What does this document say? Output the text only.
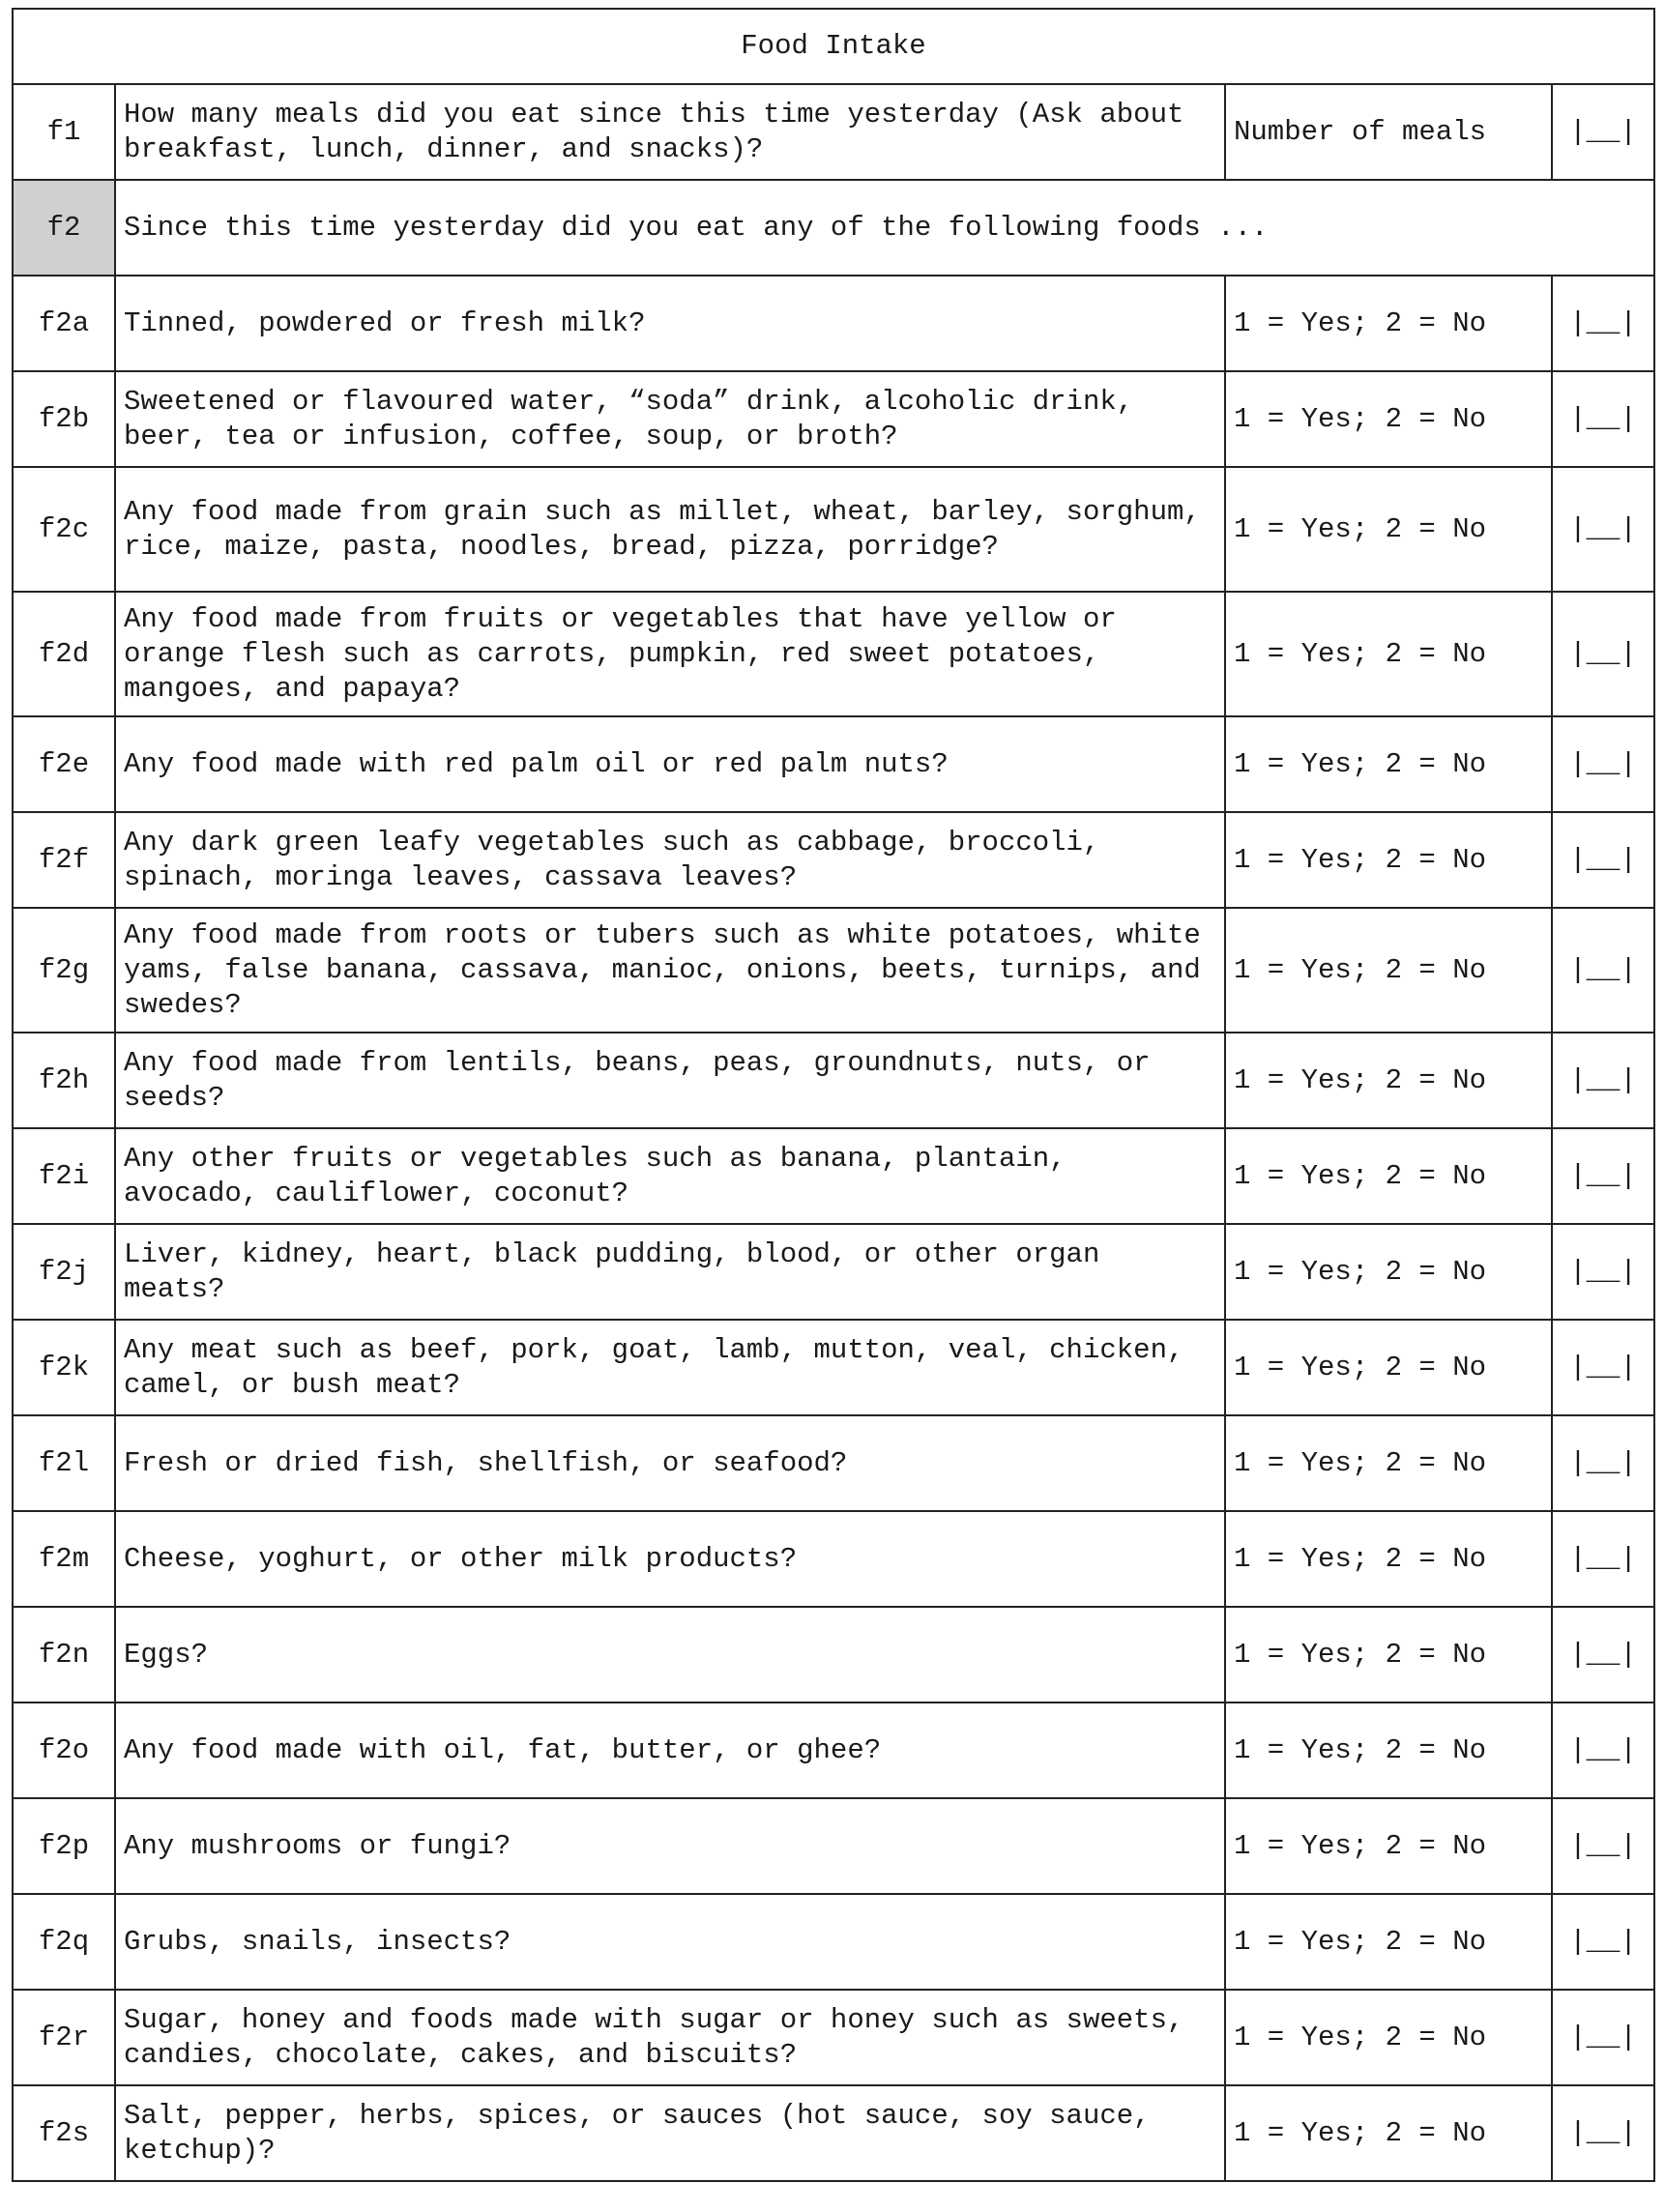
Food Intake			
f1	How many meals did you eat since this time yesterday (Ask about breakfast, lunch, dinner, and snacks)?	Number of meals	|__|
f2	Since this time yesterday did you eat any of the following foods ...		
f2a	Tinned, powdered or fresh milk?	1 = Yes; 2 = No	|__|
f2b	Sweetened or flavoured water, “soda” drink, alcoholic drink, beer, tea or infusion, coffee, soup, or broth?	1 = Yes; 2 = No	|__|
f2c	Any food made from grain such as millet, wheat, barley, sorghum, rice, maize, pasta, noodles, bread, pizza, porridge?	1 = Yes; 2 = No	|__|
f2d	Any food made from fruits or vegetables that have yellow or orange flesh such as carrots, pumpkin, red sweet potatoes, mangoes, and papaya?	1 = Yes; 2 = No	|__|
f2e	Any food made with red palm oil or red palm nuts?	1 = Yes; 2 = No	|__|
f2f	Any dark green leafy vegetables such as cabbage, broccoli, spinach, moringa leaves, cassava leaves?	1 = Yes; 2 = No	|__|
f2g	Any food made from roots or tubers such as white potatoes, white yams, false banana, cassava, manioc, onions, beets, turnips, and swedes?	1 = Yes; 2 = No	|__|
f2h	Any food made from lentils, beans, peas, groundnuts, nuts, or seeds?	1 = Yes; 2 = No	|__|
f2i	Any other fruits or vegetables such as banana, plantain, avocado, cauliflower, coconut?	1 = Yes; 2 = No	|__|
f2j	Liver, kidney, heart, black pudding, blood, or other organ meats?	1 = Yes; 2 = No	|__|
f2k	Any meat such as beef, pork, goat, lamb, mutton, veal, chicken, camel, or bush meat?	1 = Yes; 2 = No	|__|
f2l	Fresh or dried fish, shellfish, or seafood?	1 = Yes; 2 = No	|__|
f2m	Cheese, yoghurt, or other milk products?	1 = Yes; 2 = No	|__|
f2n	Eggs?	1 = Yes; 2 = No	|__|
f2o	Any food made with oil, fat, butter, or ghee?	1 = Yes; 2 = No	|__|
f2p	Any mushrooms or fungi?	1 = Yes; 2 = No	|__|
f2q	Grubs, snails, insects?	1 = Yes; 2 = No	|__|
f2r	Sugar, honey and foods made with sugar or honey such as sweets, candies, chocolate, cakes, and biscuits?	1 = Yes; 2 = No	|__|
f2s	Salt, pepper, herbs, spices, or sauces (hot sauce, soy sauce, ketchup)?	1 = Yes; 2 = No	|__|
